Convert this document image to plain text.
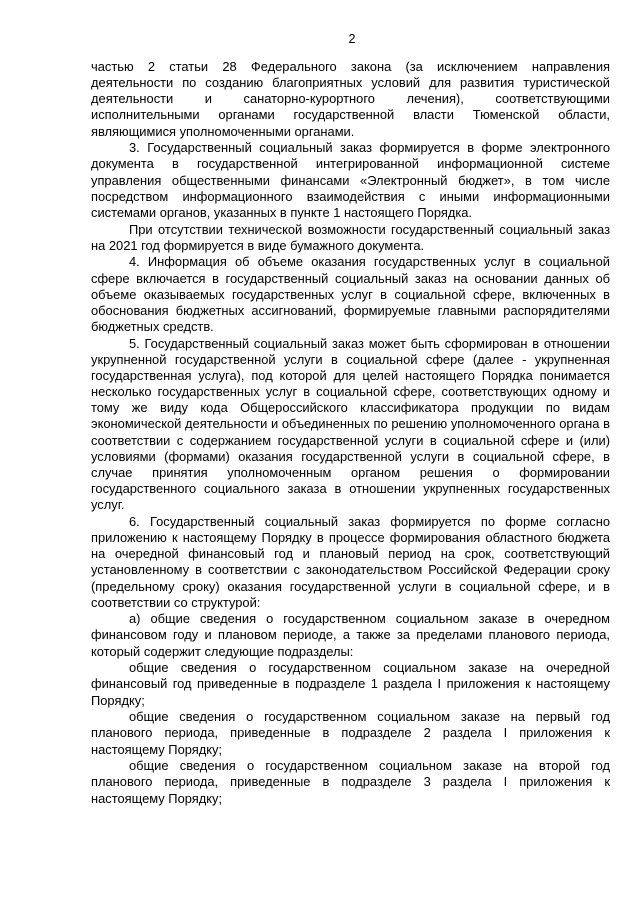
2

частью 2 статьи 28 Федерального закона (за исключением направления деятельности по созданию благоприятных условий для развития туристической деятельности и санаторно-курортного лечения), соответствующими исполнительными органами государственной власти Тюменской области, являющимися уполномоченными органами.

3. Государственный социальный заказ формируется в форме электронного документа в государственной интегрированной информационной системе управления общественными финансами «Электронный бюджет», в том числе посредством информационного взаимодействия с иными информационными системами органов, указанных в пункте 1 настоящего Порядка.

При отсутствии технической возможности государственный социальный заказ на 2021 год формируется в виде бумажного документа.

4. Информация об объеме оказания государственных услуг в социальной сфере включается в государственный социальный заказ на основании данных об объеме оказываемых государственных услуг в социальной сфере, включенных в обоснования бюджетных ассигнований, формируемые главными распорядителями бюджетных средств.

5. Государственный социальный заказ может быть сформирован в отношении укрупненной государственной услуги в социальной сфере (далее - укрупненная государственная услуга), под которой для целей настоящего Порядка понимается несколько государственных услуг в социальной сфере, соответствующих одному и тому же виду кода Общероссийского классификатора продукции по видам экономической деятельности и объединенных по решению уполномоченного органа в соответствии с содержанием государственной услуги в социальной сфере и (или) условиями (формами) оказания государственной услуги в социальной сфере, в случае принятия уполномоченным органом решения о формировании государственного социального заказа в отношении укрупненных государственных услуг.

6. Государственный социальный заказ формируется по форме согласно приложению к настоящему Порядку в процессе формирования областного бюджета на очередной финансовый год и плановый период на срок, соответствующий установленному в соответствии с законодательством Российской Федерации сроку (предельному сроку) оказания государственной услуги в социальной сфере, и в соответствии со структурой:

а) общие сведения о государственном социальном заказе в очередном финансовом году и плановом периоде, а также за пределами планового периода, который содержит следующие подразделы:

общие сведения о государственном социальном заказе на очередной финансовый год приведенные в подразделе 1 раздела I приложения к настоящему Порядку;

общие сведения о государственном социальном заказе на первый год планового периода, приведенные в подразделе 2 раздела I приложения к настоящему Порядку;

общие сведения о государственном социальном заказе на второй год планового периода, приведенные в подразделе 3 раздела I приложения к настоящему Порядку;
